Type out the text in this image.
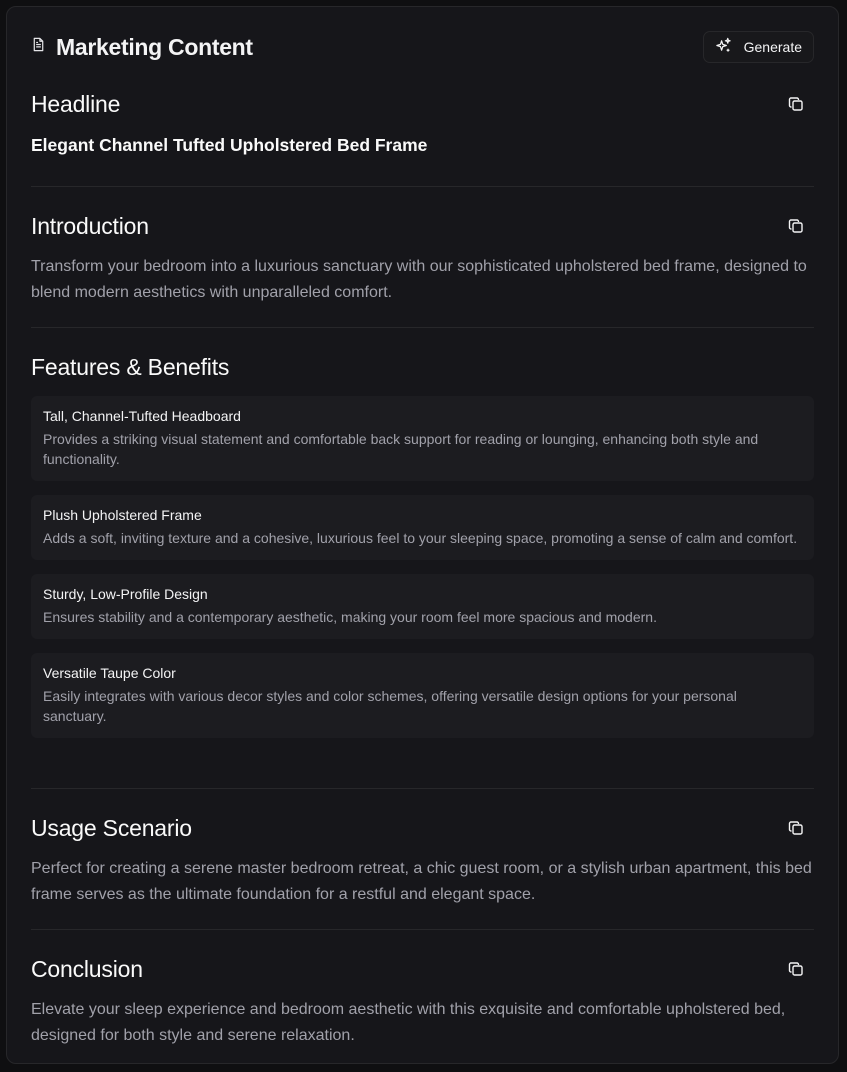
Marketing Content	Generate
Headline
Elegant Channel Tufted Upholstered Bed Frame
Introduction
Transform your bedroom into a luxurious sanctuary with our sophisticated upholstered bed frame, designed to blend modern aesthetics with unparalleled comfort.
Features & Benefits
Tall, Channel-Tufted Headboard
Provides a striking visual statement and comfortable back support for reading or lounging, enhancing both style and functionality.
Plush Upholstered Frame
Adds a soft, inviting texture and a cohesive, luxurious feel to your sleeping space, promoting a sense of calm and comfort.
Sturdy, Low-Profile Design
Ensures stability and a contemporary aesthetic, making your room feel more spacious and modern.
Versatile Taupe Color
Easily integrates with various decor styles and color schemes, offering versatile design options for your personal sanctuary.
Usage Scenario
Perfect for creating a serene master bedroom retreat, a chic guest room, or a stylish urban apartment, this bed frame serves as the ultimate foundation for a restful and elegant space.
Conclusion
Elevate your sleep experience and bedroom aesthetic with this exquisite and comfortable upholstered bed, designed for both style and serene relaxation.
